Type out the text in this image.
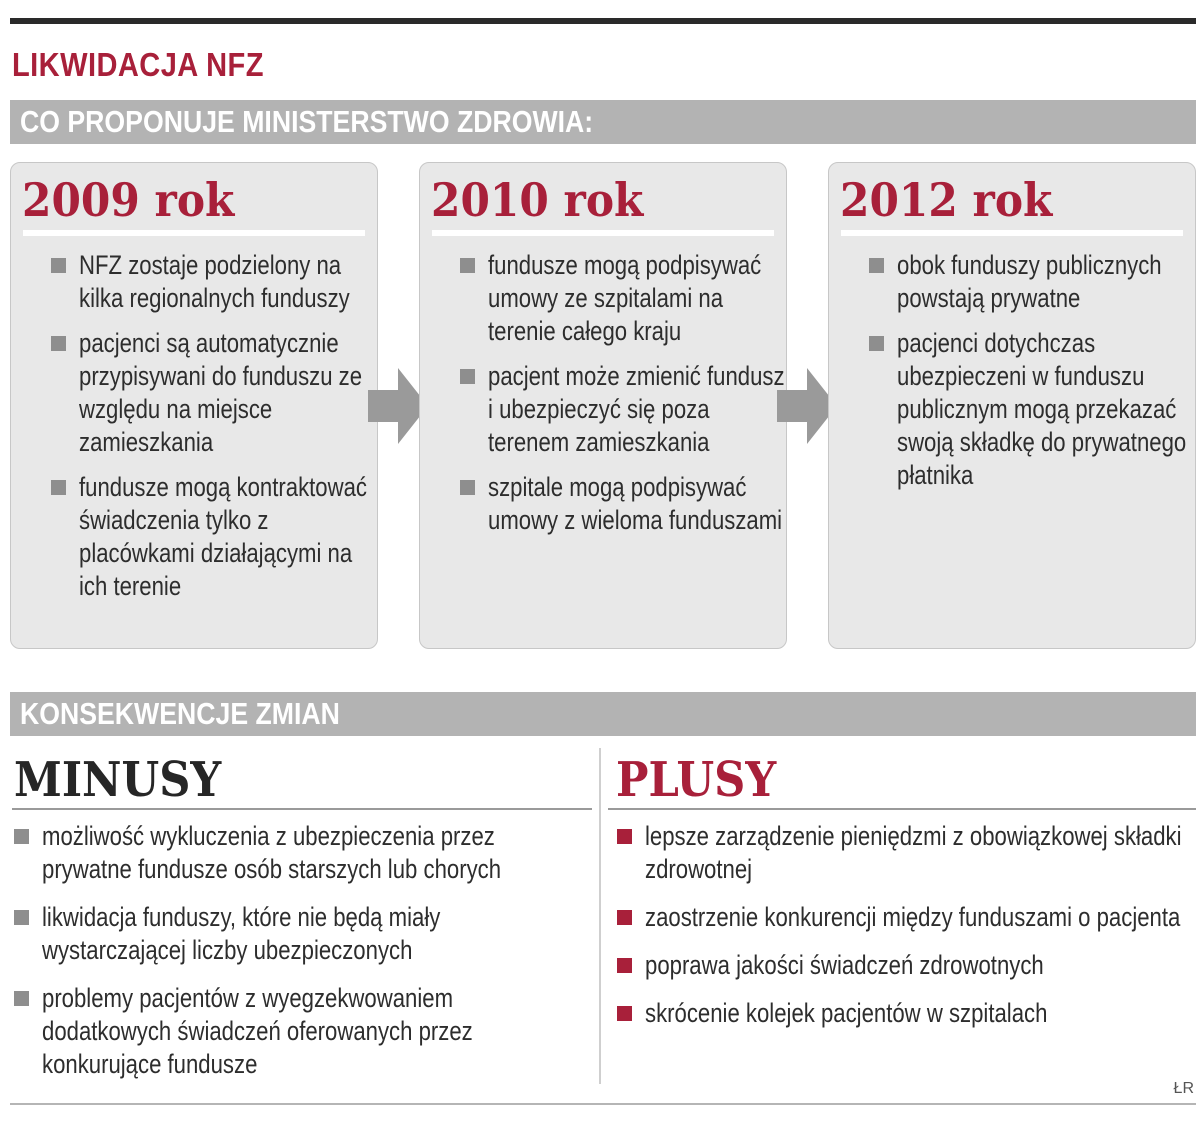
LIKWIDACJA NFZ
CO PROPONUJE MINISTERSTWO ZDROWIA:
2009 rok
NFZ zostaje podzielony na kilka regionalnych funduszy
pacjenci są automatycznie przypisywani do funduszu ze względu na miejsce zamieszkania
fundusze mogą kontraktować świadczenia tylko z placówkami działającymi na ich terenie
2010 rok
fundusze mogą podpisywać umowy ze szpitalami na terenie całego kraju
pacjent może zmienić fundusz i ubezpieczyć się poza terenem zamieszkania
szpitale mogą podpisywać umowy z wieloma funduszami
2012 rok
obok funduszy publicznych powstają prywatne
pacjenci dotychczas ubezpieczeni w funduszu publicznym mogą przekazać swoją składkę do prywatnego płatnika
KONSEKWENCJE ZMIAN
MINUSY	PLUSY
możliwość wykluczenia z ubezpieczenia przez prywatne fundusze osób starszych lub chorych
likwidacja funduszy, które nie będą miały wystarczającej liczby ubezpieczonych
problemy pacjentów z wyegzekwowaniem dodatkowych świadczeń oferowanych przez konkurujące fundusze
lepsze zarządzenie pieniędzmi z obowiązkowej składki zdrowotnej
zaostrzenie konkurencji między funduszami o pacjenta
poprawa jakości świadczeń zdrowotnych
skrócenie kolejek pacjentów w szpitalach

ŁR
